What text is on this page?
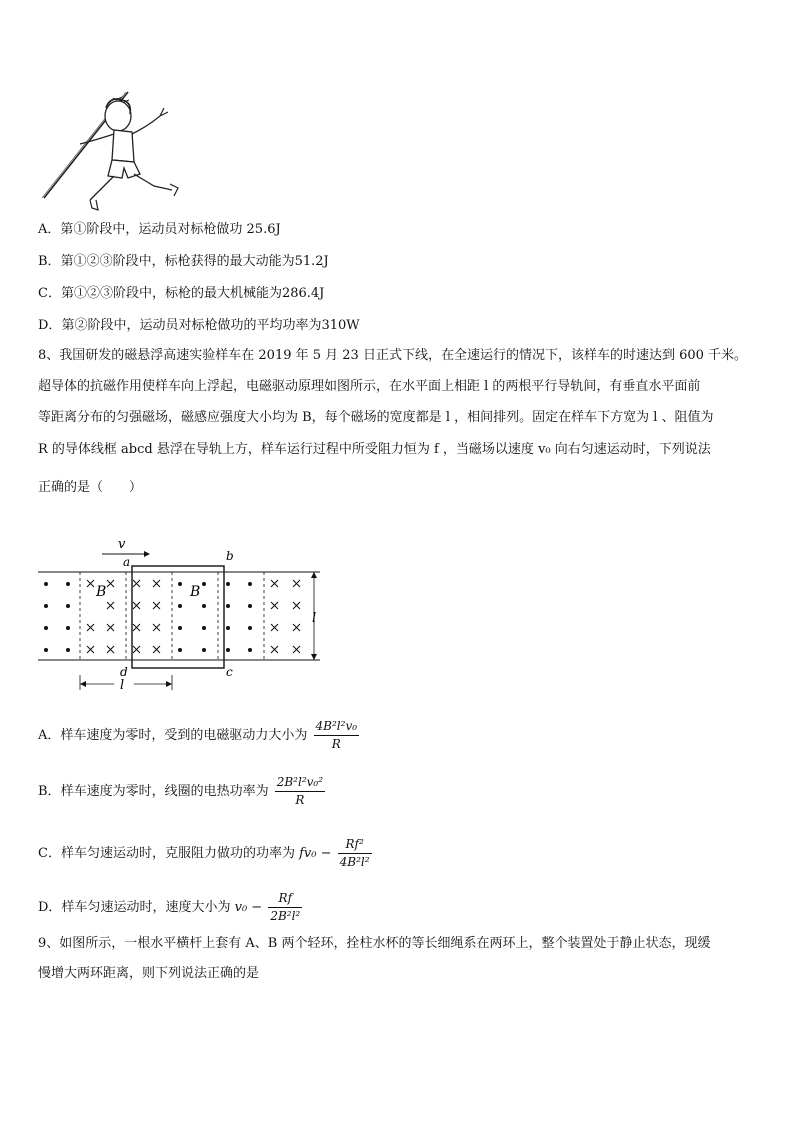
A．第①阶段中，运动员对标枪做功 25.6J
B．第①②③阶段中，标枪获得的最大动能为51.2J
C．第①②③阶段中，标枪的最大机械能为286.4J
D．第②阶段中，运动员对标枪做功的平均功率为310W
8、我国研发的磁悬浮高速实验样车在 2019 年 5 月 23 日正式下线，在全速运行的情况下，该样车的时速达到 600 千米。
超导体的抗磁作用使样车向上浮起，电磁驱动原理如图所示，在水平面上相距 l 的两根平行导轨间，有垂直水平面前
等距离分布的匀强磁场，磁感应强度大小均为 B，每个磁场的宽度都是 l ，相间排列。固定在样车下方宽为 l 、阻值为
R 的导体线框 abcd 悬浮在导轨上方，样车运行过程中所受阻力恒为 f ，当磁场以速度 v₀ 向右匀速运动时，下列说法
正确的是（　　）
v
a	b
B	B
l
d	c
l
A．样车速度为零时，受到的电磁驱动力大小为 $\frac{\text{4B²l²v₀}}{R}$
B．样车速度为零时，线圈的电热功率为 $\frac{\text{2B²l²v₀²}}{R}$
C．样车匀速运动时，克服阻力做功的功率为 $fv_0 - \frac{\text{Rf²}}{\text{4B²l²}}$
D．样车匀速运动时，速度大小为 $v_0 - \frac{Rf}{\text{2B²l²}}$
9、如图所示，一根水平横杆上套有 A、B 两个轻环，拴柱水杯的等长细绳系在两环上，整个装置处于静止状态，现缓
慢增大两环距离，则下列说法正确的是
